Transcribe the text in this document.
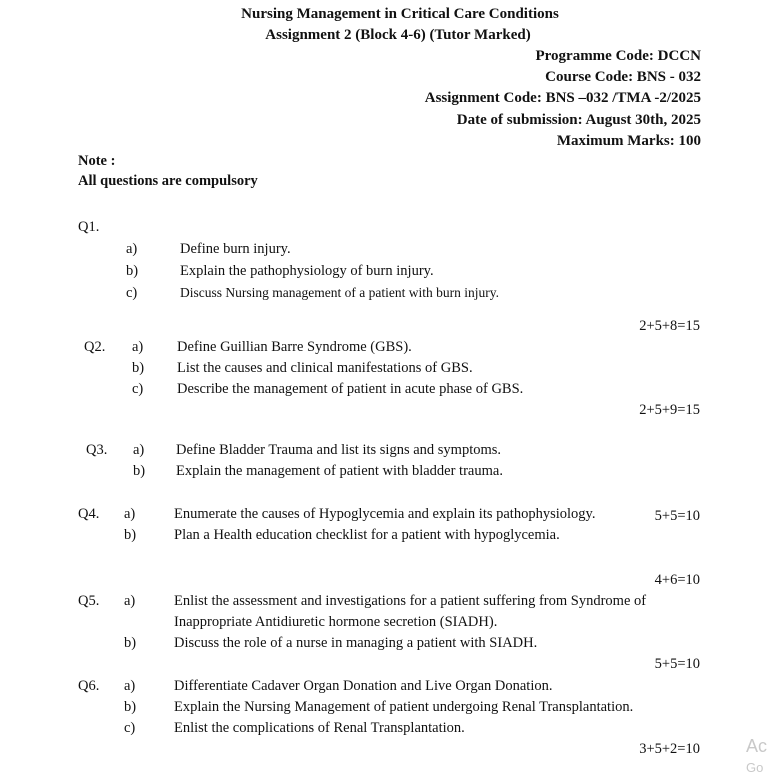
Nursing Management in Critical Care Conditions
Assignment 2 (Block 4-6) (Tutor Marked)
Programme Code: DCCN
Course Code: BNS - 032
Assignment Code: BNS –032 /TMA -2/2025
Date of submission: August 30th, 2025
Maximum Marks: 100
Note :
All questions are compulsory
Q1.
a)	Define burn injury.
b)	Explain the pathophysiology of burn injury.
c)	Discuss Nursing management of a patient with burn injury.
2+5+8=15
Q2. a) Define Guillian Barre Syndrome (GBS).
b) List the causes and clinical manifestations of GBS.
c) Describe the management of patient in acute phase of GBS.
2+5+9=15
Q3. a) Define Bladder Trauma and list its signs and symptoms.
b) Explain the management of patient with bladder trauma.
Q4. a)	Enumerate the causes of Hypoglycemia and explain its pathophysiology.	5+5=10
b)	Plan a Health education checklist for a patient with hypoglycemia.
4+6=10
Q5. a)	Enlist the assessment and investigations for a patient suffering from Syndrome of
Inappropriate Antidiuretic hormone secretion (SIADH).
b)	Discuss the role of a nurse in managing a patient with SIADH.
5+5=10
Q6. a)	Differentiate Cadaver Organ Donation and Live Organ Donation.
b)	Explain the Nursing Management of patient undergoing Renal Transplantation.
c)	Enlist the complications of Renal Transplantation.
3+5+2=10	Ac
Go
